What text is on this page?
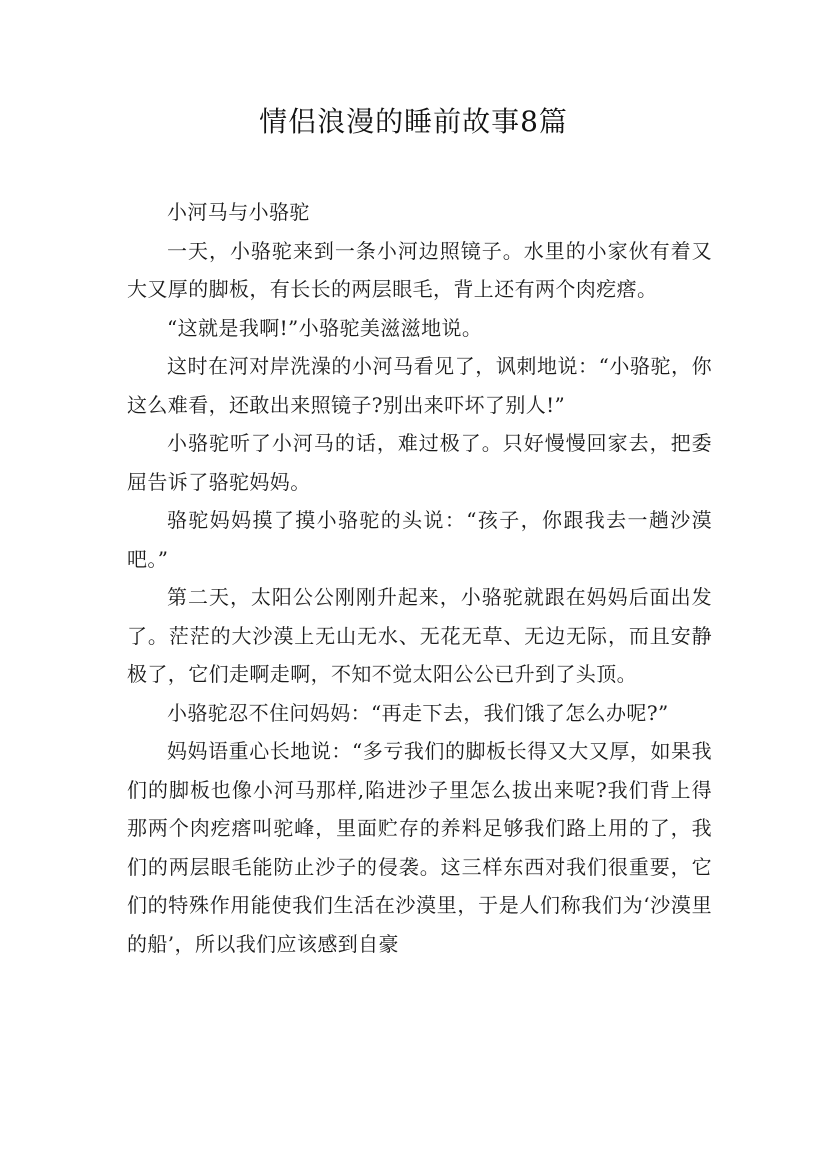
情侣浪漫的睡前故事8篇

小河马与小骆驼

一天，小骆驼来到一条小河边照镜子。水里的小家伙有着又大又厚的脚板，有长长的两层眼毛，背上还有两个肉疙瘩。

“这就是我啊!”小骆驼美滋滋地说。

这时在河对岸洗澡的小河马看见了，讽刺地说：“小骆驼，你这么难看，还敢出来照镜子?别出来吓坏了别人!”

小骆驼听了小河马的话，难过极了。只好慢慢回家去，把委屈告诉了骆驼妈妈。

骆驼妈妈摸了摸小骆驼的头说：“孩子，你跟我去一趟沙漠吧。”

第二天，太阳公公刚刚升起来，小骆驼就跟在妈妈后面出发了。茫茫的大沙漠上无山无水、无花无草、无边无际，而且安静极了，它们走啊走啊，不知不觉太阳公公已升到了头顶。

小骆驼忍不住问妈妈：“再走下去，我们饿了怎么办呢?”

妈妈语重心长地说：“多亏我们的脚板长得又大又厚，如果我们的脚板也像小河马那样,陷进沙子里怎么拔出来呢?我们背上得那两个肉疙瘩叫驼峰，里面贮存的养料足够我们路上用的了，我们的两层眼毛能防止沙子的侵袭。这三样东西对我们很重要，它们的特殊作用能使我们生活在沙漠里，于是人们称我们为‘沙漠里的船’，所以我们应该感到自豪
